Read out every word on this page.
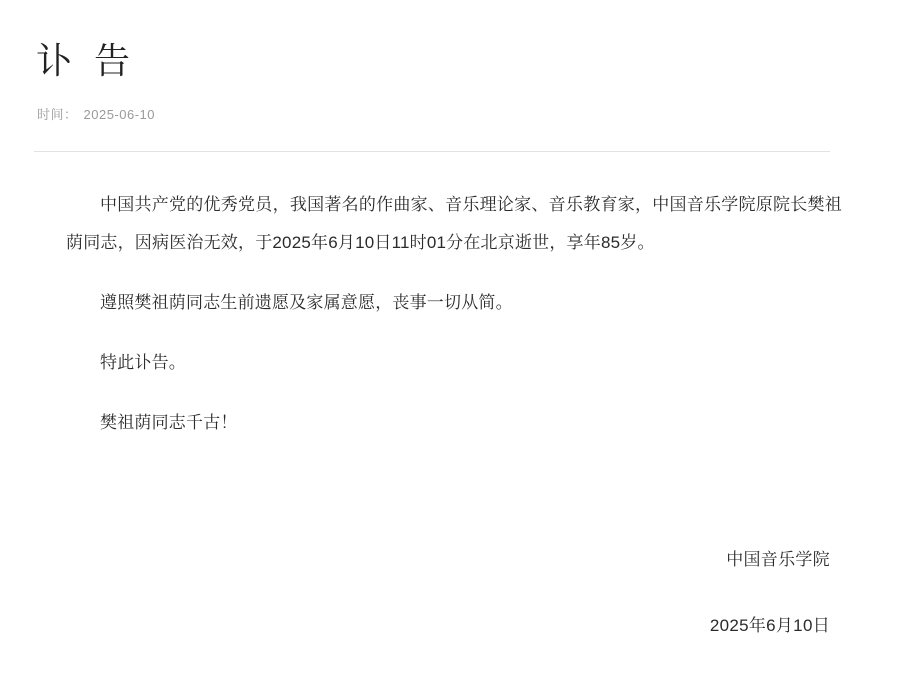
讣 告
时间： 2025-06-10

中国共产党的优秀党员，我国著名的作曲家、音乐理论家、音乐教育家，中国音乐学院原院长樊祖荫同志，因病医治无效，于2025年6月10日11时01分在北京逝世，享年85岁。

遵照樊祖荫同志生前遗愿及家属意愿，丧事一切从简。

特此讣告。

樊祖荫同志千古！

中国音乐学院
2025年6月10日
